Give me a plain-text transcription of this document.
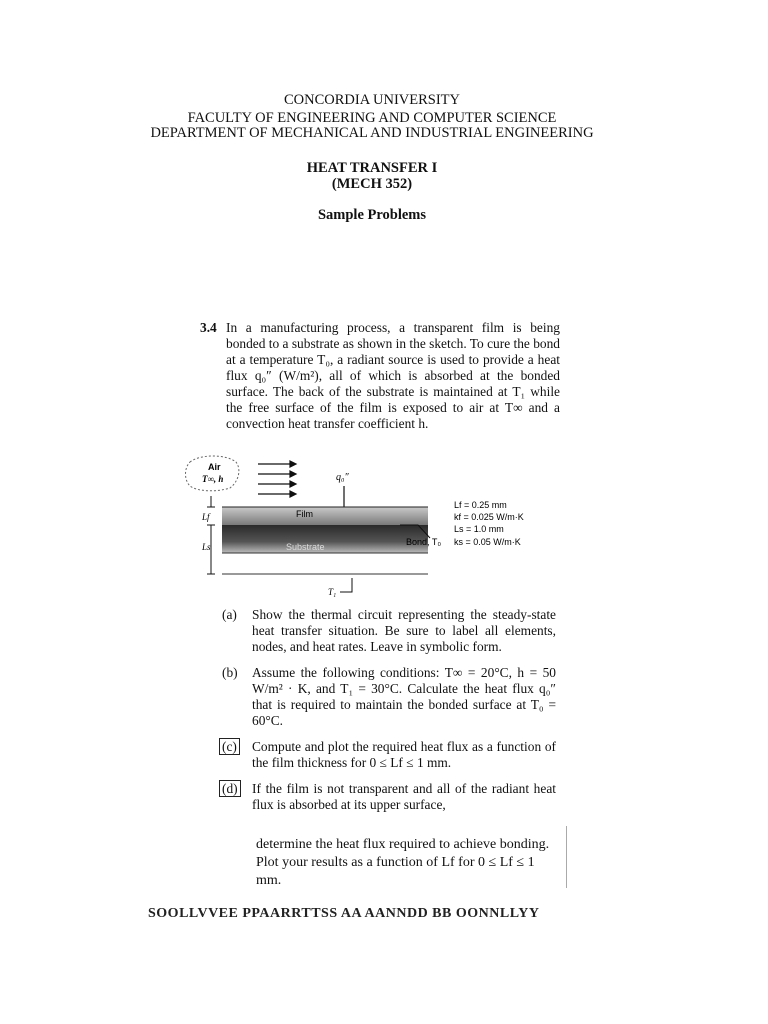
CONCORDIA UNIVERSITY
FACULTY OF ENGINEERING AND COMPUTER SCIENCE
DEPARTMENT OF MECHANICAL AND INDUSTRIAL ENGINEERING
HEAT TRANSFER I
(MECH 352)
Sample Problems
3.4 In a manufacturing process, a transparent film is being bonded to a substrate as shown in the sketch. To cure the bond at a temperature T₀, a radiant source is used to provide a heat flux q₀″ (W/m²), all of which is absorbed at the bonded surface. The back of the substrate is maintained at T₁ while the free surface of the film is exposed to air at T∞ and a convection heat transfer coefficient h.
Air
T∞, h	q₀″
Film
Substrate
Lf
Ls	Bond, T₀
T₁
Lf = 0.25 mm
kf = 0.025 W/m·K
Ls = 1.0 mm
ks = 0.05 W/m·K
(a) Show the thermal circuit representing the steady-state heat transfer situation. Be sure to label all elements, nodes, and heat rates. Leave in symbolic form.
(b) Assume the following conditions: T∞ = 20°C, h = 50 W/m² · K, and T₁ = 30°C. Calculate the heat flux q₀″ that is required to maintain the bonded surface at T₀ = 60°C.
(c) Compute and plot the required heat flux as a function of the film thickness for 0 ≤ Lf ≤ 1 mm.
(d) If the film is not transparent and all of the radiant heat flux is absorbed at its upper surface,
determine the heat flux required to achieve bonding. Plot your results as a function of Lf for 0 ≤ Lf ≤ 1 mm.
SOOLLVVEE PPAARRTTSS AA AANNDD BB OONNLLYY
